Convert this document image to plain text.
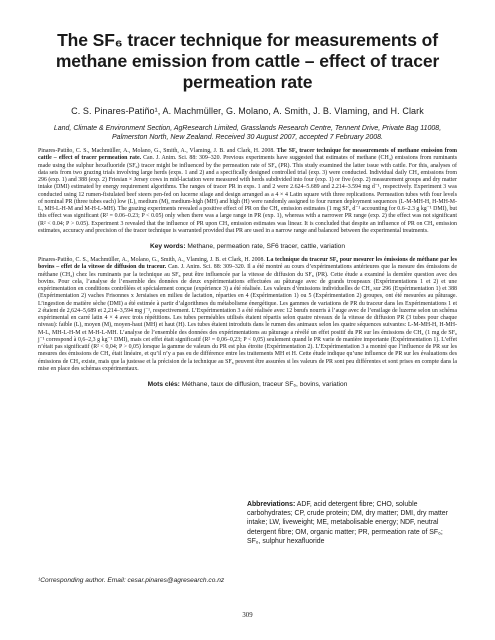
The SF₆ tracer technique for measurements of methane emission from cattle – effect of tracer permeation rate
C. S. Pinares-Patiño¹, A. Machmüller, G. Molano, A. Smith, J. B. Vlaming, and H. Clark
Land, Climate & Environment Section, AgResearch Limited, Grasslands Research Centre, Tennent Drive, Private Bag 11008, Palmerston North, New Zealand. Received 30 August 2007, accepted 7 February 2008.

Pinares-Patiño, C. S., Machmüller, A., Molano, G., Smith, A., Vlaming, J. B. and Clark, H. 2008. The SF₆ tracer technique for measurements of methane emission from cattle – effect of tracer permeation rate. Can. J. Anim. Sci. 88: 309–320. Previous experiments have suggested that estimates of methane (CH₄) emissions from ruminants made using the sulphur hexafluoride (SF₆) tracer might be influenced by the permeation rate of SF₆ (PR). This study examined the latter issue with cattle. For this, analyses of data sets from two grazing trials involving large herds (exps. 1 and 2) and a specifically designed controlled trial (exp. 3) were conducted. Individual daily CH₄ emissions from 296 (exp. 1) and 388 (exp. 2) Friesian × Jersey cows in mid-lactation were measured with herds subdivided into four (exp. 1) or five (exp. 2) measurement groups and dry matter intake (DMI) estimated by energy requirement algorithms. The ranges of tracer PR in exps. 1 and 2 were 2.624–5.689 and 2.214–3.594 mg d⁻¹, respectively. Experiment 3 was conducted using 12 rumen-fistulated beef steers pen-fed on lucerne silage and design arranged as a 4 × 4 Latin square with three replications. Permeation tubes with four levels of nominal PR (three tubes each) low (L), medium (M), medium-high (MH) and high (H) were randomly assigned to four rumen deployment sequences (L-M-MH-H, H-MH-M-L, MH-L-H-M and M-H-L-MH). The grazing experiments revealed a positive effect of PR on the CH₄ emission estimates (1 mg SF₆ d⁻¹ accounting for 0.6–2.3 g kg⁻¹ DMI), but this effect was significant (R² = 0.06–0.23; P < 0.05) only when there was a large range in PR (exp. 1), whereas with a narrower PR range (exp. 2) the effect was not significant (R² < 0.04; P > 0.05). Experiment 3 revealed that the influence of PR upon CH₄ emission estimates was linear. It is concluded that despite an influence of PR on CH₄ emission estimates, accuracy and precision of the tracer technique is warranted provided that PR are used in a narrow range and balanced between the experimental treatments.

Key words: Methane, permeation rate, SF6 tracer, cattle, variation

Pinares-Patiño, C. S., Machmüller, A., Molano, G., Smith, A., Vlaming, J. B. et Clark, H. 2008. La technique du traceur SF₆ pour mesurer les émissions de méthane par les bovins – effet de la vitesse de diffusion du traceur. Can. J. Anim. Sci. 88: 309–320. Il a été montré au cours d’expérimentations antérieures que la mesure des émissions de méthane (CH₄) chez les ruminants par la technique au SF₆ peut être influencée par la vitesse de diffusion du SF₆ (PR). Cette étude a examiné la dernière question avec des bovins. Pour cela, l’analyse de l’ensemble des données de deux expérimentations effectuées au pâturage avec de grands troupeaux (Expérimentations 1 et 2) et une expérimentation en conditions contrôlées et spécialement conçue (expérience 3) a été réalisée. Les valeurs d’émissions individuelles de CH₄ sur 296 (Expérimentation 1) et 388 (Expérimentation 2) vaches Frisonnes x Jersiaises en milieu de lactation, réparties en 4 (Expérimentation 1) ou 5 (Expérimentation 2) groupes, ont été mesurées au pâturage. L’ingestion de matière sèche (DMI) a été estimée à partir d’algorithmes du métabolisme énergétique. Les gammes de variations de PR du traceur dans les Expérimentations 1 et 2 étaient de 2,624–5,689 et 2,214–3,594 mg j⁻¹, respectivement. L’Expérimentation 3 a été réalisée avec 12 bœufs nourris à l’auge avec de l’ensilage de luzerne selon un schéma expérimental en carré latin 4 × 4 avec trois répétitions. Les tubes perméables utilisés étaient répartis selon quatre niveaux de la vitesse de diffusion PR (3 tubes pour chaque niveau): faible (L), moyen (M), moyen-haut (MH) et haut (H). Les tubes étaient introduits dans le rumen des animaux selon les quatre séquences suivantes: L-M-MH-H, H-MH-M-L, MH-L-H-M et M-H-L-MH. L’analyse de l’ensemble des données des expérimentations au pâturage a révélé un effet positif du PR sur les émissions de CH₄ (1 mg de SF₆ j⁻¹ correspond à 0,6–2,3 g kg⁻¹ DMI), mais cet effet était significatif (R² = 0,06–0,23; P < 0,05) seulement quand le PR varie de manière importante (Expérimentation 1). L’effet n’était pas significatif (R² < 0,04; P > 0,05) lorsque la gamme de valeurs du PR est plus étroite (Expérimentation 2). L’Expérimentation 3 a montré que l’influence de PR sur les mesures des émissions de CH₄ était linéaire, et qu’il n’y a pas eu de différence entre les traitements MH et H. Cette étude indique qu’une influence de PR sur les évaluations des émissions de CH₄ existe, mais que la justesse et la précision de la technique au SF₆ peuvent être assurées si les valeurs de PR sont peu différentes et sont prises en compte dans la mise en place des schémas expérimentaux.

Mots clés: Méthane, taux de diffusion, traceur SF₆, bovins, variation
¹Corresponding author. Email: cesar.pinares@agresearch.co.nz
Abbreviations: ADF, acid detergent fibre; CHO, soluble carbohydrates; CP, crude protein; DM, dry matter; DMI, dry matter intake; LW, liveweight; ME, metabolisable energy; NDF, neutral detergent fibre; OM, organic matter; PR, permeation rate of SF₆; SF₆, sulphur hexafluoride
309
